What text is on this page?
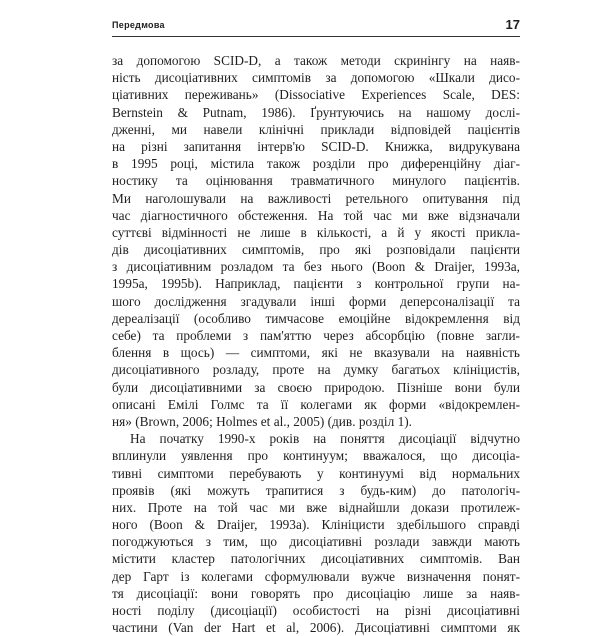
Передмова	17
за допомогою SCID-D, а також методи скринінгу на наяв-
ність дисоціативних симптомів за допомогою «Шкали дисо-
ціативних переживань» (Dissociative Experiences Scale, DES:
Bernstein & Putnam, 1986). Ґрунтуючись на нашому дослі-
дженні, ми навели клінічні приклади відповідей пацієнтів
на різні запитання інтерв'ю SCID-D. Книжка, видрукувана
в 1995 році, містила також розділи про диференційну діаг-
ностику та оцінювання травматичного минулого пацієнтів.
Ми наголошували на важливості ретельного опитування під
час діагностичного обстеження. На той час ми вже відзначали
суттєві відмінності не лише в кількості, а й у якості приклa-
дів дисоціативних симптомів, про які розповідали пацієнти
з дисоціативним розладом та без нього (Boon & Draijer, 1993a,
1995a, 1995b). Наприклад, пацієнти з контрольної групи на-
шого дослідження згадували інші форми деперсоналізації та
дереалізації (особливо тимчасове емоційне відокремлення від
себе) та проблеми з пам'яттю через абсорбцію (повне загли-
блення в щось) — симптоми, які не вказували на наявність
дисоціативного розладу, проте на думку багатьох клініцистів,
були дисоціативними за своєю природою. Пізніше вони були
описані Емілі Голмс та її колегами як форми «відокремлен-
ня» (Brown, 2006; Holmes et al., 2005) (див. розділ 1).
На початку 1990-х років на поняття дисоціації відчутно
вплинули уявлення про континуум; вважалося, що дисоціа-
тивні симптоми перебувають у континуумі від нормальних
проявів (які можуть трапитися з будь-ким) до патологіч-
них. Проте на той час ми вже віднайшли докази протилеж-
ного (Boon & Draijer, 1993a). Клініцисти здебільшого справді
погоджуються з тим, що дисоціативні розлади завжди мають
містити кластер патологічних дисоціативних симптомів. Ван
дер Гарт із колегами сформулювали вужче визначення понят-
тя дисоціації: вони говорять про дисоціацію лише за наяв-
ності поділу (дисоціації) особистості на різні дисоціативні
частини (Van der Hart et al, 2006). Дисоціативні симптоми як
